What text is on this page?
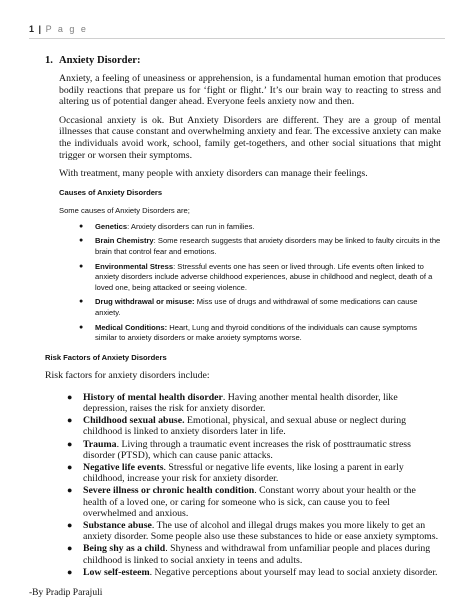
1 | P a g e
1. Anxiety Disorder:

Anxiety, a feeling of uneasiness or apprehension, is a fundamental human emotion that produces bodily reactions that prepare us for ‘fight or flight.’ It’s our brain way to reacting to stress and altering us of potential danger ahead. Everyone feels anxiety now and then.

Occasional anxiety is ok. But Anxiety Disorders are different. They are a group of mental illnesses that cause constant and overwhelming anxiety and fear. The excessive anxiety can make the individuals avoid work, school, family get-togethers, and other social situations that might trigger or worsen their symptoms.

With treatment, many people with anxiety disorders can manage their feelings.

Causes of Anxiety Disorders

Some causes of Anxiety Disorders are;

● Genetics: Anxiety disorders can run in families.
● Brain Chemistry: Some research suggests that anxiety disorders may be linked to faulty circuits in the brain that control fear and emotions.
● Environmental Stress: Stressful events one has seen or lived through. Life events often linked to anxiety disorders include adverse childhood experiences, abuse in childhood and neglect, death of a loved one, being attacked or seeing violence.
● Drug withdrawal or misuse: Miss use of drugs and withdrawal of some medications can cause anxiety.
● Medical Conditions: Heart, Lung and thyroid conditions of the individuals can cause symptoms similar to anxiety disorders or make anxiety symptoms worse.
Risk Factors of Anxiety Disorders

Risk factors for anxiety disorders include:

● History of mental health disorder. Having another mental health disorder, like depression, raises the risk for anxiety disorder.
● Childhood sexual abuse. Emotional, physical, and sexual abuse or neglect during childhood is linked to anxiety disorders later in life.
● Trauma. Living through a traumatic event increases the risk of posttraumatic stress disorder (PTSD), which can cause panic attacks.
● Negative life events. Stressful or negative life events, like losing a parent in early childhood, increase your risk for anxiety disorder.
● Severe illness or chronic health condition. Constant worry about your health or the health of a loved one, or caring for someone who is sick, can cause you to feel overwhelmed and anxious.
● Substance abuse. The use of alcohol and illegal drugs makes you more likely to get an anxiety disorder. Some people also use these substances to hide or ease anxiety symptoms.
● Being shy as a child. Shyness and withdrawal from unfamiliar people and places during childhood is linked to social anxiety in teens and adults.
● Low self-esteem. Negative perceptions about yourself may lead to social anxiety disorder.
-By Pradip Parajuli
